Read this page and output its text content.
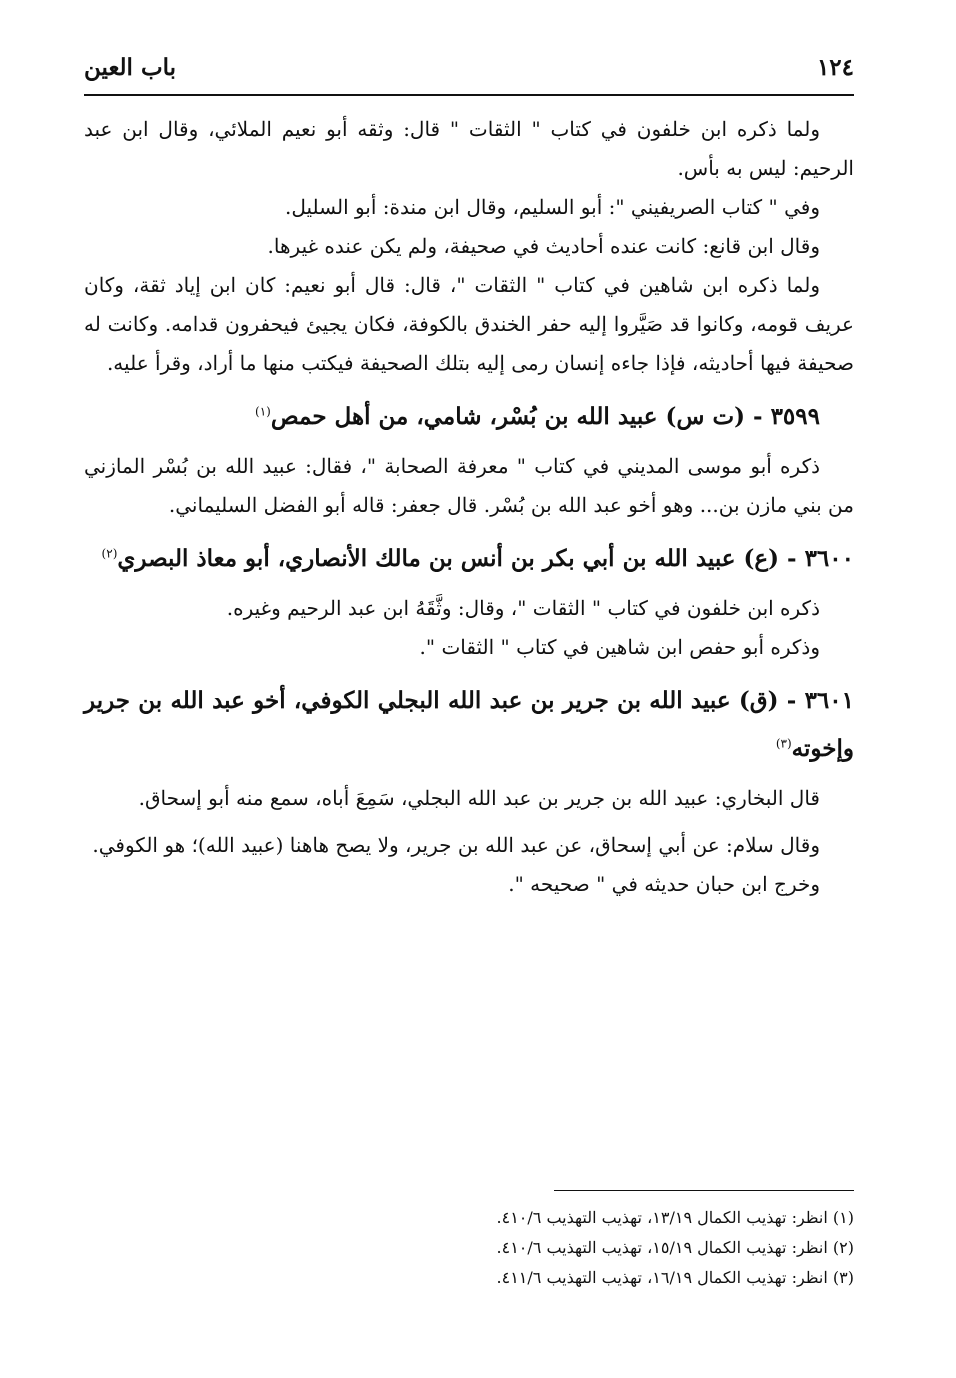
١٢٤
باب العين

ولما ذكره ابن خلفون في كتاب " الثقات " قال: وثقه أبو نعيم الملائي، وقال ابن عبد الرحيم: ليس به بأس.

وفي " كتاب الصريفيني ": أبو السليم، وقال ابن مندة: أبو السليل.

وقال ابن قانع: كانت عنده أحاديث في صحيفة، ولم يكن عنده غيرها.

ولما ذكره ابن شاهين في كتاب " الثقات "، قال: قال أبو نعيم: كان ابن إياد ثقة، وكان عريف قومه، وكانوا قد صَيَّروا إليه حفر الخندق بالكوفة، فكان يجيئ فيحفرون قدامه. وكانت له صحيفة فيها أحاديثه، فإذا جاءه إنسان رمى إليه بتلك الصحيفة فيكتب منها ما أراد، وقرأ عليه.

٣٥٩٩ - (ت س) عبيد الله بن بُسْر، شامي، من أهل حمص$^{(١)}$

ذكره أبو موسى المديني في كتاب " معرفة الصحابة "، فقال: عبيد الله بن بُسْر المازني من بني مازن بن... وهو أخو عبد الله بن بُسْر. قال جعفر: قاله أبو الفضل السليماني.

٣٦٠٠ - (ع) عبيد الله بن أبي بكر بن أنس بن مالك الأنصاري، أبو معاذ البصري$^{(٢)}$

ذكره ابن خلفون في كتاب " الثقات "، وقال: وثَّقَهُ ابن عبد الرحيم وغيره.

وذكره أبو حفص ابن شاهين في كتاب " الثقات ".

٣٦٠١ - (ق) عبيد الله بن جرير بن عبد الله البجلي الكوفي، أخو عبد الله بن جرير وإخوته$^{(٣)}$

قال البخاري: عبيد الله بن جرير بن عبد الله البجلي، سَمِعَ أباه، سمع منه أبو إسحاق.

وقال سلام: عن أبي إسحاق، عن عبد الله بن جرير، ولا يصح هاهنا (عبيد الله)؛ هو الكوفي.

وخرج ابن حبان حديثه في " صحيحه ".

(١) انظر: تهذيب الكمال ١٣/١٩، تهذيب التهذيب ٤١٠/٦.
(٢) انظر: تهذيب الكمال ١٥/١٩، تهذيب التهذيب ٤١٠/٦.
(٣) انظر: تهذيب الكمال ١٦/١٩، تهذيب التهذيب ٤١١/٦.
